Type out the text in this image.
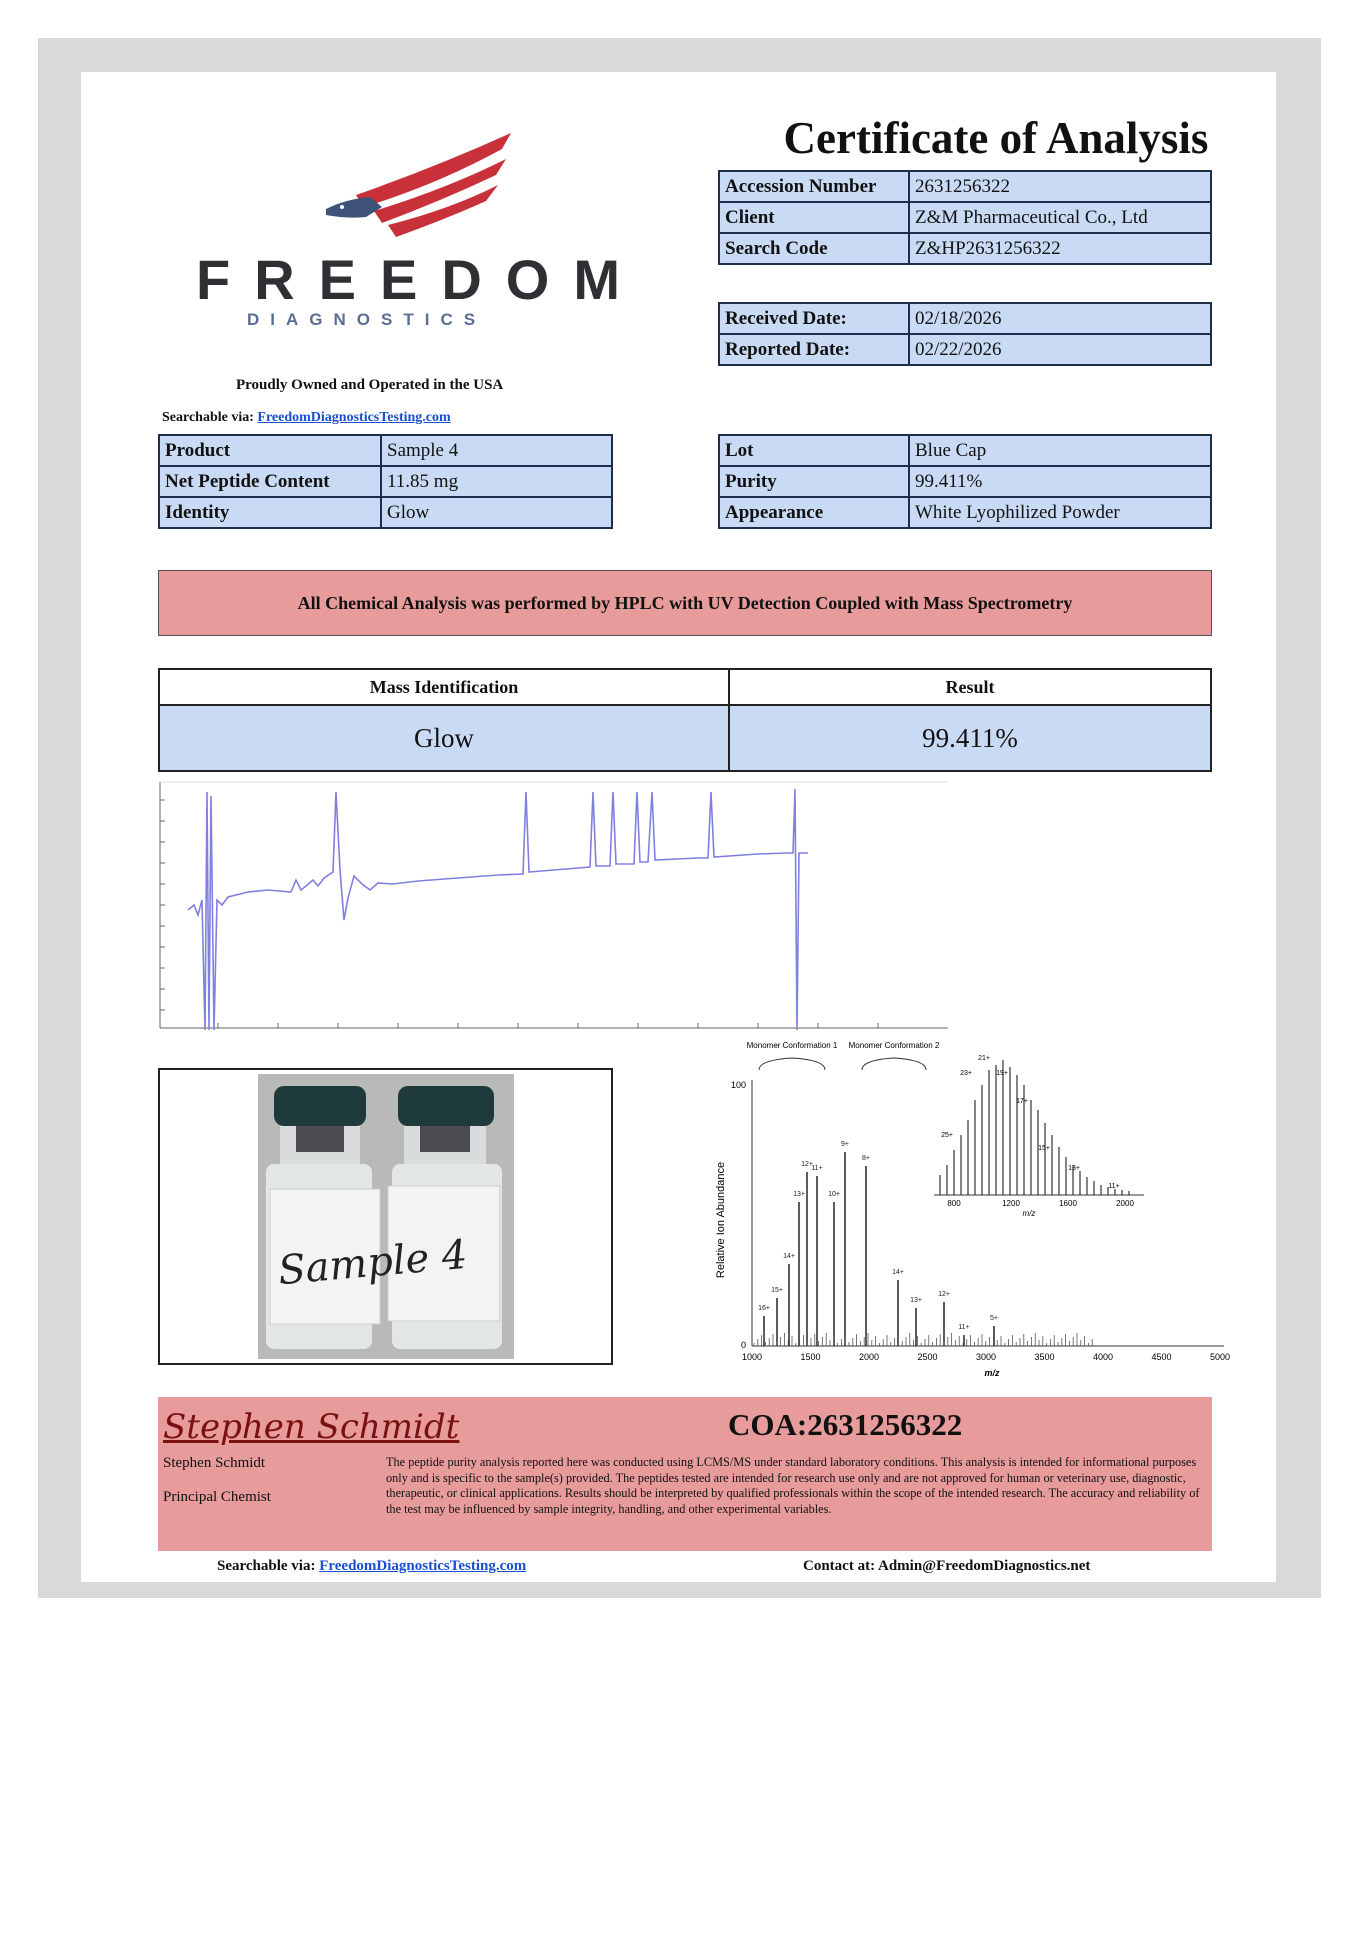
FREEDOM
DIAGNOSTICS
Proudly Owned and Operated in the USA
Searchable via: FreedomDiagnosticsTesting.com
Certificate of Analysis
Accession Number	2631256322
Client	Z&M Pharmaceutical Co., Ltd
Search Code	Z&HP2631256322
Received Date:	02/18/2026
Reported Date:	02/22/2026
Product	Sample 4
Net Peptide Content	11.85 mg
Identity	Glow
Lot	Blue Cap
Purity	99.411%
Appearance	White Lyophilized Powder
All Chemical Analysis was performed by HPLC with UV Detection Coupled with Mass Spectrometry
Mass Identification	Result
Glow	99.411%
Sample 4	Relative Ion Abundance
100
0
1000	1500	2000	2500	3000	3500	4000	4500	5000
m/z
Monomer Conformation 1 Monomer Conformation 2
16+
15+
14+
13+
12+
11+
10+
9+
8+
14+
13+
12+
11+
5+
800	1200	1600	2000
m/z
25+
23+
21+
19+
17+
15+
13+
11+
Stephen Schmidt	COA:2631256322
Stephen Schmidt
Principal Chemist
The peptide purity analysis reported here was conducted using LCMS/MS under standard laboratory conditions. This analysis is intended for informational purposes only and is specific to the sample(s) provided. The peptides tested are intended for research use only and are not approved for human or veterinary use, diagnostic, therapeutic, or clinical applications. Results should be interpreted by qualified professionals within the scope of the intended research. The accuracy and reliability of the test may be influenced by sample integrity, handling, and other experimental variables.
Searchable via: FreedomDiagnosticsTesting.com	Contact at: Admin@FreedomDiagnostics.net
